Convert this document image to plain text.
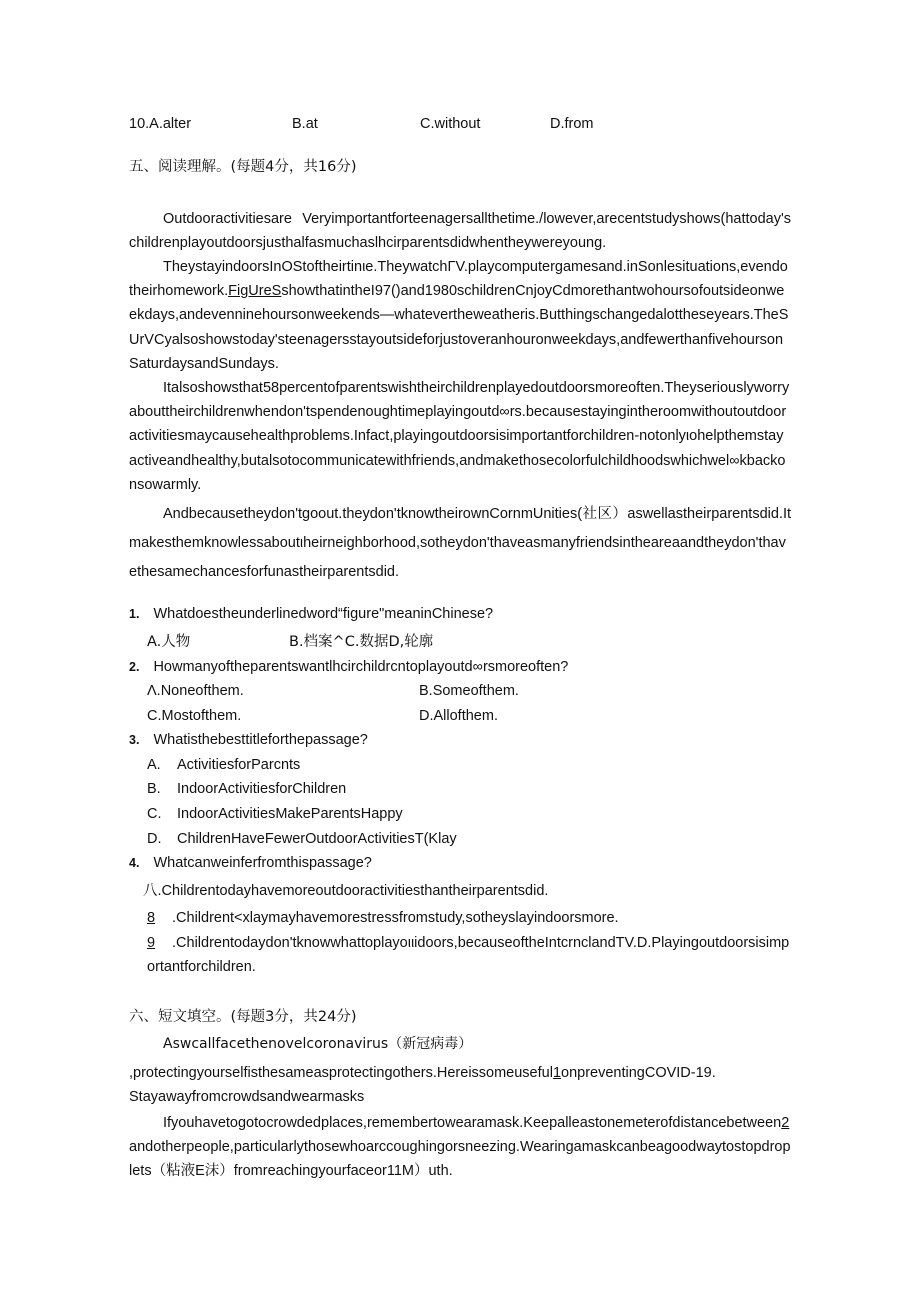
10.A.alter	B.at	C.without	D.from
五、阅读理解。(每题4分，共16分)
Outdooractivitiesare Veryimportantforteenagersallthetime./lowever,arecentstudyshows(hattoday'schildrenplayoutdoorsjusthalfasmuchaslhcirparentsdidwhentheywereyoung.
TheystayindoorsInOStoftheirtinιe.TheywatchΓV.playcomputergamesand.inSonlesituations,evendotheirhomework.FigUreSshowthatintheI97()and1980schildrenCnjoyCdmorethantwohoursofoutsideonweekdays,andevenninehoursonweekends—whatevertheweatheris.Butthingschangedalottheseyears.TheSUrVCyalsoshowstoday'steenagersstayoutsideforjustoveranhouronweekdays,andfewerthanfivehoursonSaturdaysandSundays.
Italsoshowsthat58percentofparentswishtheirchildrenplayedoutdoorsmoreoften.Theyseriouslyworryabouttheirchildrenwhendon'tspendenoughtimeplayingoutd∞rs.becausestayingintheroomwithoutoutdooractivitiesmaycausehealthproblems.Infact,playingoutdoorsisimportantforchildren-notonlyιohelpthemstayactiveandhealthy,butalsotocommunicatewithfriends,andmakethosecolorfulchildhoodswhichwel∞kbackonsowarmly.
Andbecausetheydon'tgoout.theydon'tknowtheirownCornmUnities(社区）aswellastheirparentsdid.Itmakesthemknowlessaboutιheirneighborhood,sotheydon'thaveasmanyfriendsintheareaandtheydon'thavethesamechancesforfunastheirparentsdid.
1. Whatdoestheunderlinedword“figure"meaninChinese?
A.人物	B.档案^C.数据D,轮廓
2. Howmanyoftheparentswantlhcirchildrcntoplayoutd∞rsmoreoften?
Λ.Noneofthem.	B.Someofthem.
C.Mostofthem.	D.Allofthem.
3. Whatisthebesttitleforthepassage?
A. ActivitiesforParcnts
B. IndoorActivitiesforChildren
C. IndoorActivitiesMakeParentsHappy
D. ChildrenHaveFewerOutdoorActivitiesT(Klay
4. Whatcanweinferfromthispassage?
八.Childrentodayhavemoreoutdooractivitiesthantheirparentsdid.
8 .Childrent<xlaymayhavemorestressfromstudy,sotheyslayindoorsmore.
9	.Childrentodaydon'tknowwhattoplayoιιidoors,becauseoftheIntcrnclandTV.D.Playingoutdoorsisimportantforchildren.
六、短文填空。(每题3分，共24分)
Aswcallfacethenovelcoronavirus（新冠病毒）
,protectingyourselfisthesameasprotectingothers.Hereissomeuseful1onpreventingCOVID-19.
Stayawayfromcrowdsandwearmasks
Ifyouhavetogotocrowdedplaces,remembertowearamask.Keepalleastonemeterofdistancebetween2andotherpeople,particularlythosewhoarccoughingorsneezing.Wearingamaskcanbeagoodwaytostopdroplets（粘液E沫）fromreachingyourfaceor11M）uth.
